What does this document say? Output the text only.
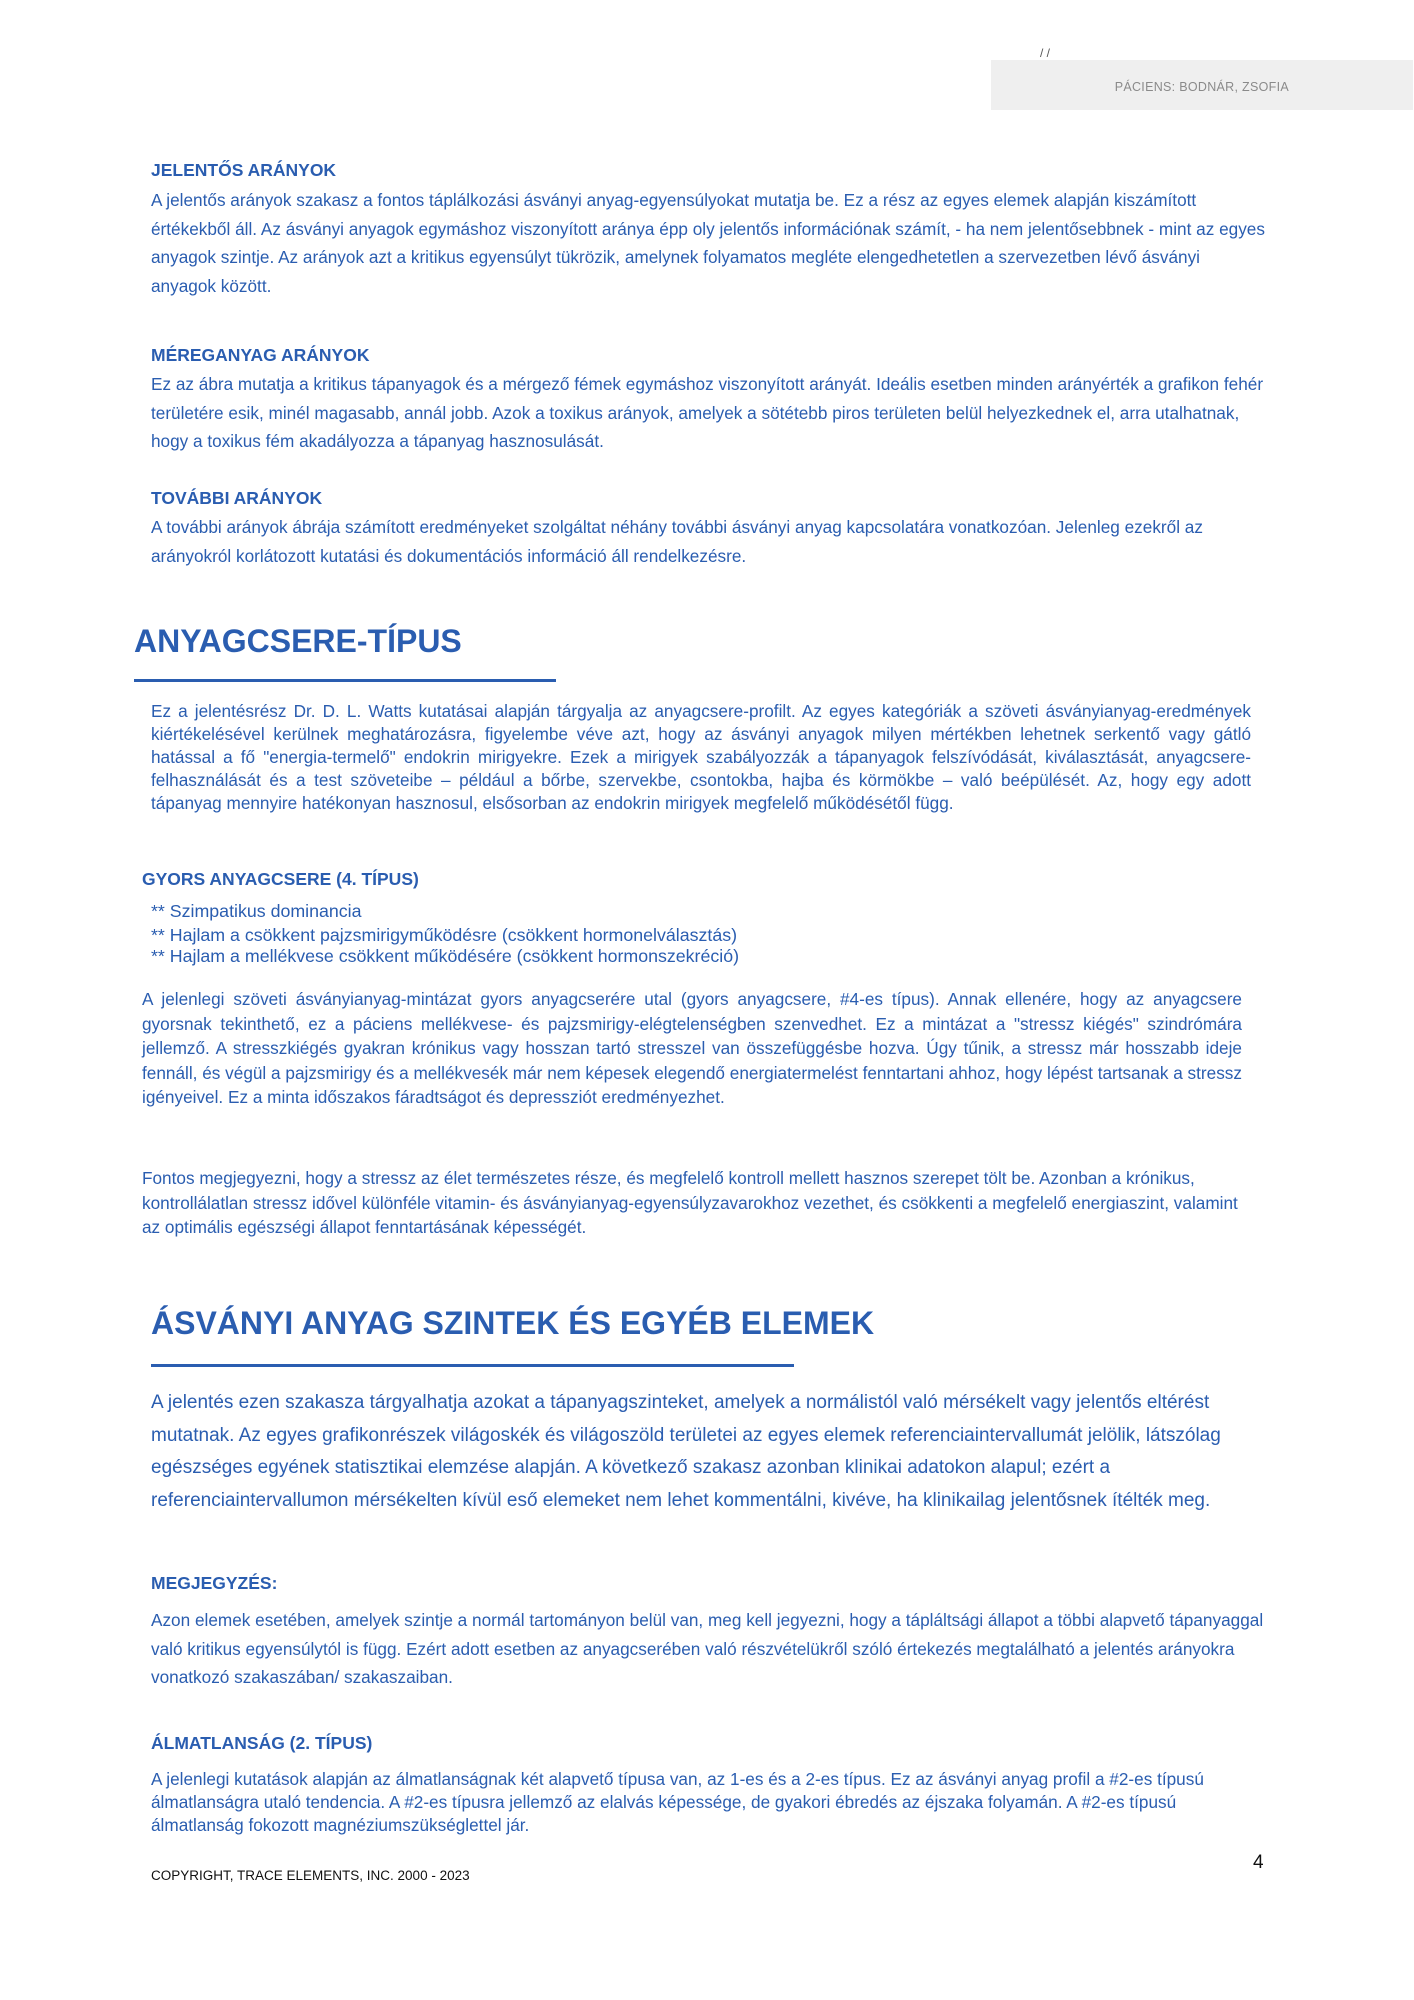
/ /
PÁCIENS: BODNÁR, ZSOFIA
JELENTŐS ARÁNYOK
A jelentős arányok szakasz a fontos táplálkozási ásványi anyag-egyensúlyokat mutatja be. Ez a rész az egyes elemek alapján kiszámított értékekből áll. Az ásványi anyagok egymáshoz viszonyított aránya épp oly jelentős információnak számít, - ha nem jelentősebbnek - mint az egyes anyagok szintje. Az arányok azt a kritikus egyensúlyt tükrözik, amelynek folyamatos megléte elengedhetetlen a szervezetben lévő ásványi anyagok között.
MÉREGANYAG ARÁNYOK
Ez az ábra mutatja a kritikus tápanyagok és a mérgező fémek egymáshoz viszonyított arányát. Ideális esetben minden arányérték a grafikon fehér területére esik, minél magasabb, annál jobb. Azok a toxikus arányok, amelyek a sötétebb piros területen belül helyezkednek el, arra utalhatnak, hogy a toxikus fém akadályozza a tápanyag hasznosulását.
TOVÁBBI ARÁNYOK
A további arányok ábrája számított eredményeket szolgáltat néhány további ásványi anyag kapcsolatára vonatkozóan. Jelenleg ezekről az arányokról korlátozott kutatási és dokumentációs információ áll rendelkezésre.
ANYAGCSERE-TÍPUS
Ez a jelentésrész Dr. D. L. Watts kutatásai alapján tárgyalja az anyagcsere-profilt. Az egyes kategóriák a szöveti ásványianyag-eredmények kiértékelésével kerülnek meghatározásra, figyelembe véve azt, hogy az ásványi anyagok milyen mértékben lehetnek serkentő vagy gátló hatással a fő "energia-termelő" endokrin mirigyekre. Ezek a mirigyek szabályozzák a tápanyagok felszívódását, kiválasztását, anyagcsere-felhasználását és a test szöveteibe – például a bőrbe, szervekbe, csontokba, hajba és körmökbe – való beépülését. Az, hogy egy adott tápanyag mennyire hatékonyan hasznosul, elsősorban az endokrin mirigyek megfelelő működésétől függ.
GYORS ANYAGCSERE (4. TÍPUS)
** Szimpatikus dominancia
** Hajlam a csökkent pajzsmirigyműködésre (csökkent hormonelválasztás)
** Hajlam a mellékvese csökkent működésére (csökkent hormonszekréció)
A jelenlegi szöveti ásványianyag-mintázat gyors anyagcserére utal (gyors anyagcsere, #4-es típus). Annak ellenére, hogy az anyagcsere gyorsnak tekinthető, ez a páciens mellékvese- és pajzsmirigy-elégtelenségben szenvedhet. Ez a mintázat a "stressz kiégés" szindrómára jellemző. A stresszkiégés gyakran krónikus vagy hosszan tartó stresszel van összefüggésbe hozva. Úgy tűnik, a stressz már hosszabb ideje fennáll, és végül a pajzsmirigy és a mellékvesék már nem képesek elegendő energiatermelést fenntartani ahhoz, hogy lépést tartsanak a stressz igényeivel. Ez a minta időszakos fáradtságot és depressziót eredményezhet.
Fontos megjegyezni, hogy a stressz az élet természetes része, és megfelelő kontroll mellett hasznos szerepet tölt be. Azonban a krónikus, kontrollálatlan stressz idővel különféle vitamin- és ásványianyag-egyensúlyzavarokhoz vezethet, és csökkenti a megfelelő energiaszint, valamint az optimális egészségi állapot fenntartásának képességét.
ÁSVÁNYI ANYAG SZINTEK ÉS EGYÉB ELEMEK
A jelentés ezen szakasza tárgyalhatja azokat a tápanyagszinteket, amelyek a normálistól való mérsékelt vagy jelentős eltérést mutatnak. Az egyes grafikonrészek világoskék és világoszöld területei az egyes elemek referenciaintervallumát jelölik, látszólag egészséges egyének statisztikai elemzése alapján. A következő szakasz azonban klinikai adatokon alapul; ezért a referenciaintervallumon mérsékelten kívül eső elemeket nem lehet kommentálni, kivéve, ha klinikailag jelentősnek ítélték meg.
MEGJEGYZÉS:
Azon elemek esetében, amelyek szintje a normál tartományon belül van, meg kell jegyezni, hogy a tápláltsági állapot a többi alapvető tápanyaggal való kritikus egyensúlytól is függ. Ezért adott esetben az anyagcserében való részvételükről szóló értekezés megtalálható a jelentés arányokra vonatkozó szakaszában/ szakaszaiban.
ÁLMATLANSÁG (2. TÍPUS)
A jelenlegi kutatások alapján az álmatlanságnak két alapvető típusa van, az 1-es és a 2-es típus. Ez az ásványi anyag profil a #2-es típusú álmatlanságra utaló tendencia. A #2-es típusra jellemző az elalvás képessége, de gyakori ébredés az éjszaka folyamán. A #2-es típusú álmatlanság fokozott magnéziumszükséglettel jár.
COPYRIGHT, TRACE ELEMENTS, INC. 2000 - 2023
4
